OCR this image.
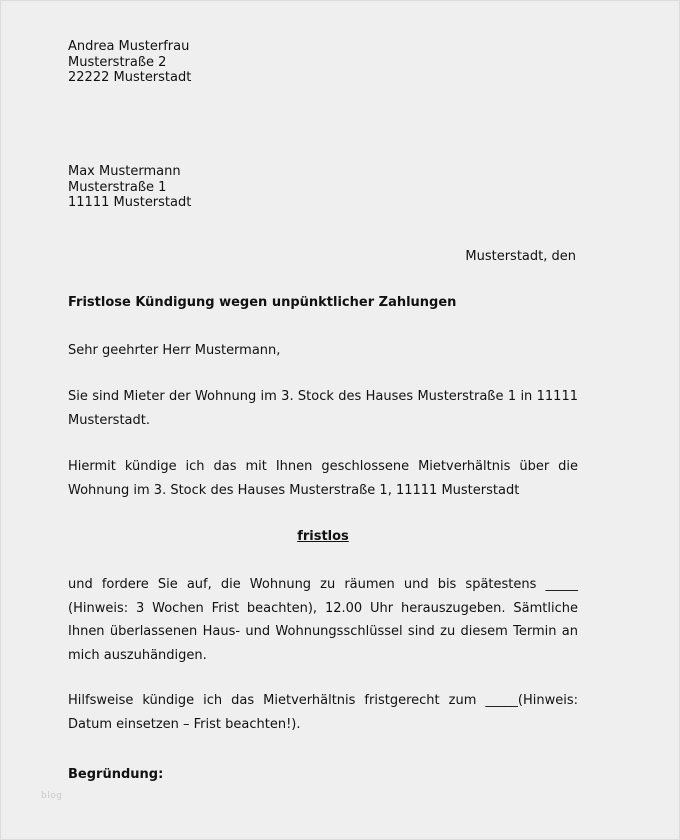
Andrea Musterfrau
Musterstraße 2
22222 Musterstadt
Max Mustermann
Musterstraße 1
11111 Musterstadt
Musterstadt, den
Fristlose Kündigung wegen unpünktlicher Zahlungen

Sehr geehrter Herr Mustermann,

Sie sind Mieter der Wohnung im 3. Stock des Hauses Musterstraße 1 in 11111 Musterstadt.

Hiermit kündige ich das mit Ihnen geschlossene Mietverhältnis über die Wohnung im 3. Stock des Hauses Musterstraße 1, 11111 Musterstadt

fristlos

und fordere Sie auf, die Wohnung zu räumen und bis spätestens _____ (Hinweis: 3 Wochen Frist beachten), 12.00 Uhr herauszugeben. Sämtliche Ihnen überlassenen Haus- und Wohnungsschlüssel sind zu diesem Termin an mich auszuhändigen.

Hilfsweise kündige ich das Mietverhältnis fristgerecht zum _____(Hinweis: Datum einsetzen – Frist beachten!).

Begründung:
blog
